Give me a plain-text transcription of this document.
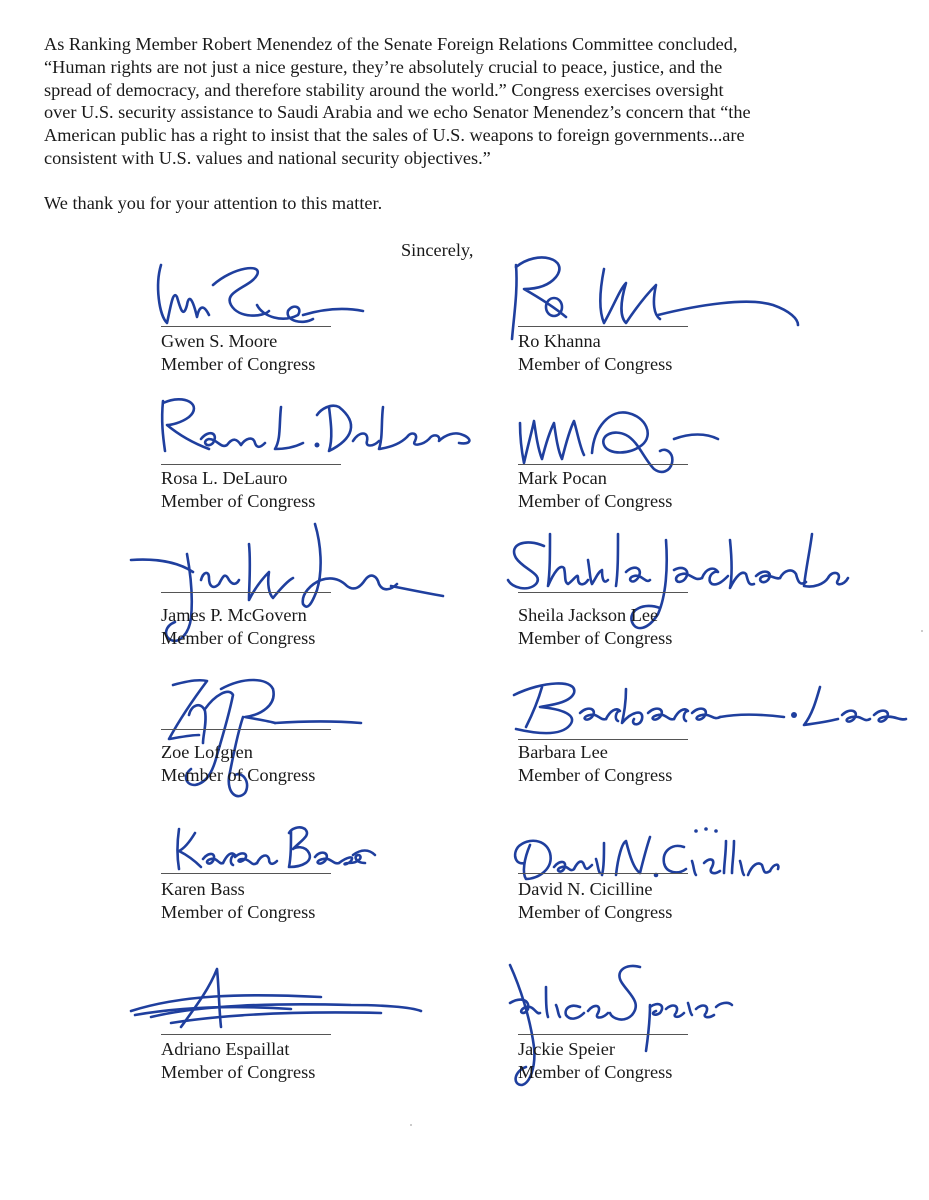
As Ranking Member Robert Menendez of the Senate Foreign Relations Committee concluded,
“Human rights are not just a nice gesture, they’re absolutely crucial to peace, justice, and the
spread of democracy, and therefore stability around the world.” Congress exercises oversight
over U.S. security assistance to Saudi Arabia and we echo Senator Menendez’s concern that “the
American public has a right to insist that the sales of U.S. weapons to foreign governments...are
consistent with U.S. values and national security objectives.”

We thank you for your attention to this matter.

Sincerely,
Gwen S. Moore
Member of Congress
Ro Khanna
Member of Congress
Rosa L. DeLauro
Member of Congress
Mark Pocan
Member of Congress
James P. McGovern
Member of Congress
Sheila Jackson Lee
Member of Congress
Zoe Lofgren
Member of Congress
Barbara Lee
Member of Congress
Karen Bass
Member of Congress
David N. Cicilline
Member of Congress
Adriano Espaillat
Member of Congress
Jackie Speier
Member of Congress
